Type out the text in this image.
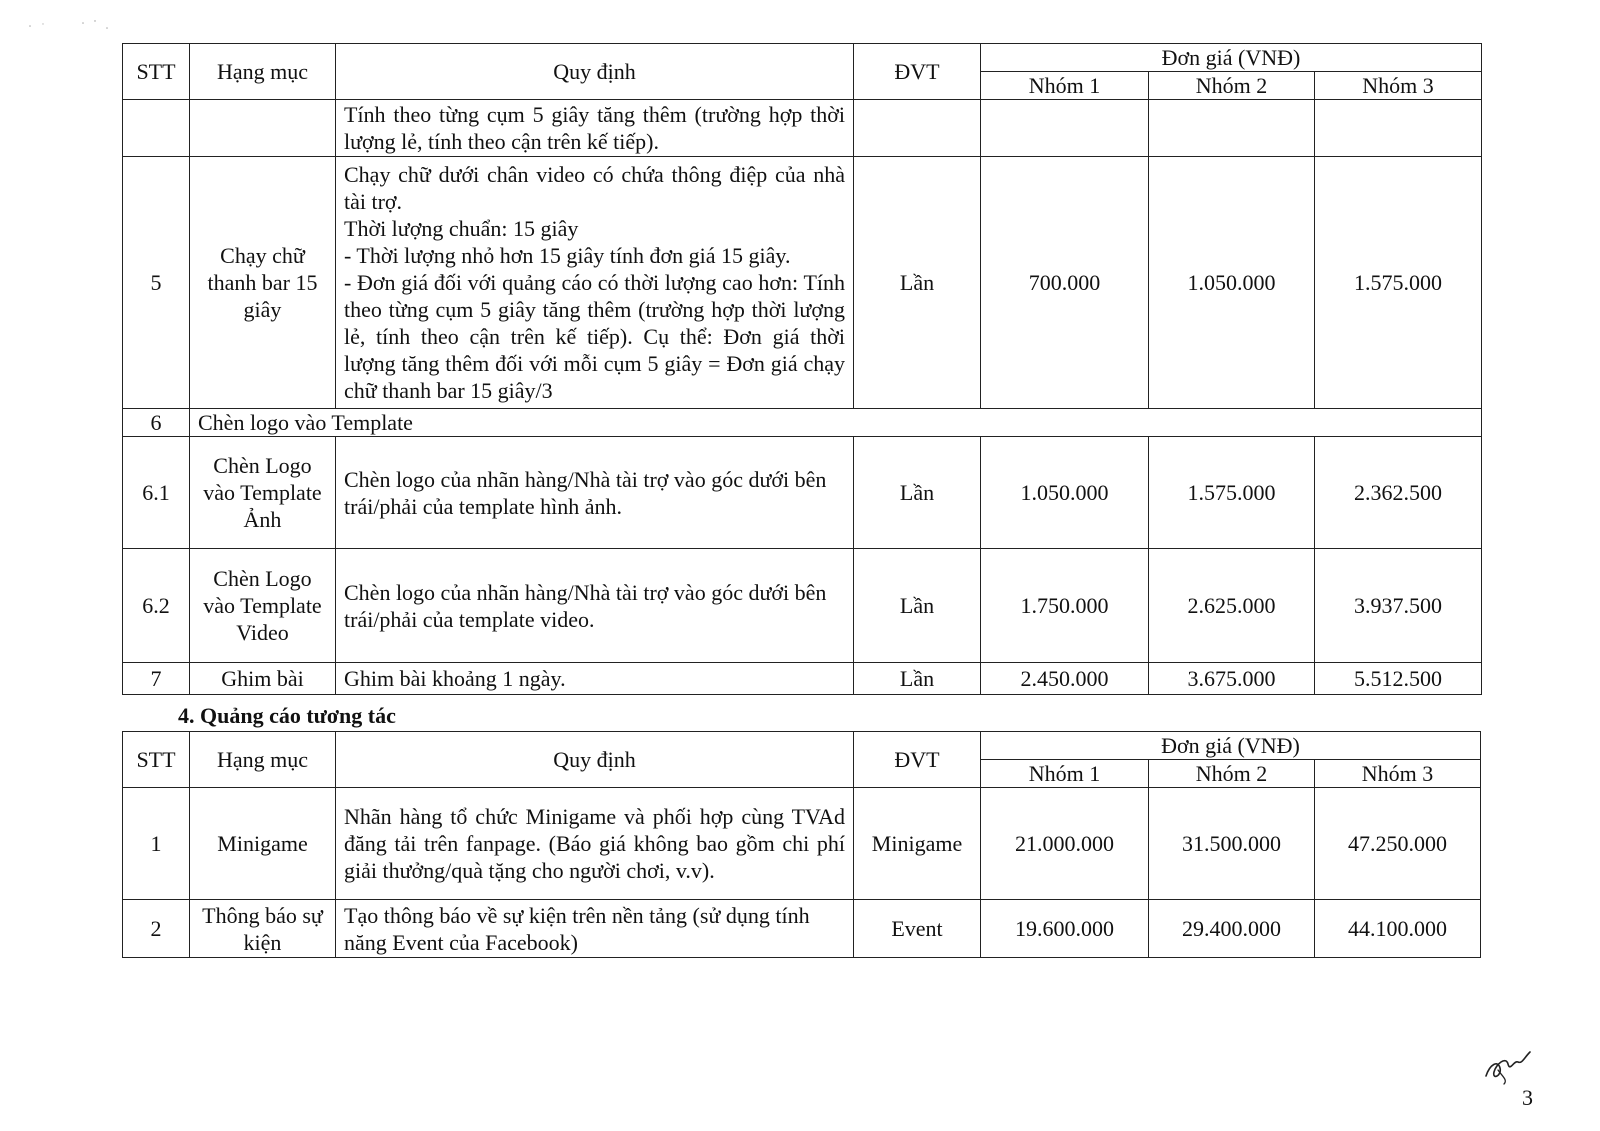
STT	Hạng mục	Quy định	ĐVT	Đơn giá (VNĐ)		
				Nhóm 1	Nhóm 2	Nhóm 3
		Tính theo từng cụm 5 giây tăng thêm (trường hợp thời lượng lẻ, tính theo cận trên kế tiếp).				
5	Chạy chữ thanh bar 15 giây	Chạy chữ dưới chân video có chứa thông điệp của nhà tài trợ.
Thời lượng chuẩn: 15 giây
- Thời lượng nhỏ hơn 15 giây tính đơn giá 15 giây.
- Đơn giá đối với quảng cáo có thời lượng cao hơn: Tính theo từng cụm 5 giây tăng thêm (trường hợp thời lượng lẻ, tính theo cận trên kế tiếp). Cụ thể: Đơn giá thời lượng tăng thêm đối với mỗi cụm 5 giây = Đơn giá chạy chữ thanh bar 15 giây/3	Lần	700.000	1.050.000	1.575.000
6	Chèn logo vào Template					
6.1	Chèn Logo vào Template Ảnh	Chèn logo của nhãn hàng/Nhà tài trợ vào góc dưới bên trái/phải của template hình ảnh.	Lần	1.050.000	1.575.000	2.362.500
6.2	Chèn Logo vào Template Video	Chèn logo của nhãn hàng/Nhà tài trợ vào góc dưới bên trái/phải của template video.	Lần	1.750.000	2.625.000	3.937.500
7	Ghim bài	Ghim bài khoảng 1 ngày.	Lần	2.450.000	3.675.000	5.512.500
4. Quảng cáo tương tác
STT	Hạng mục	Quy định	ĐVT	Đơn giá (VNĐ)		
				Nhóm 1	Nhóm 2	Nhóm 3
1	Minigame	Nhãn hàng tổ chức Minigame và phối hợp cùng TVAd đăng tải trên fanpage. (Báo giá không bao gồm chi phí giải thưởng/quà tặng cho người chơi, v.v).	Minigame	21.000.000	31.500.000	47.250.000
2	Thông báo sự kiện	Tạo thông báo về sự kiện trên nền tảng (sử dụng tính năng Event của Facebook)	Event	19.600.000	29.400.000	44.100.000
3
